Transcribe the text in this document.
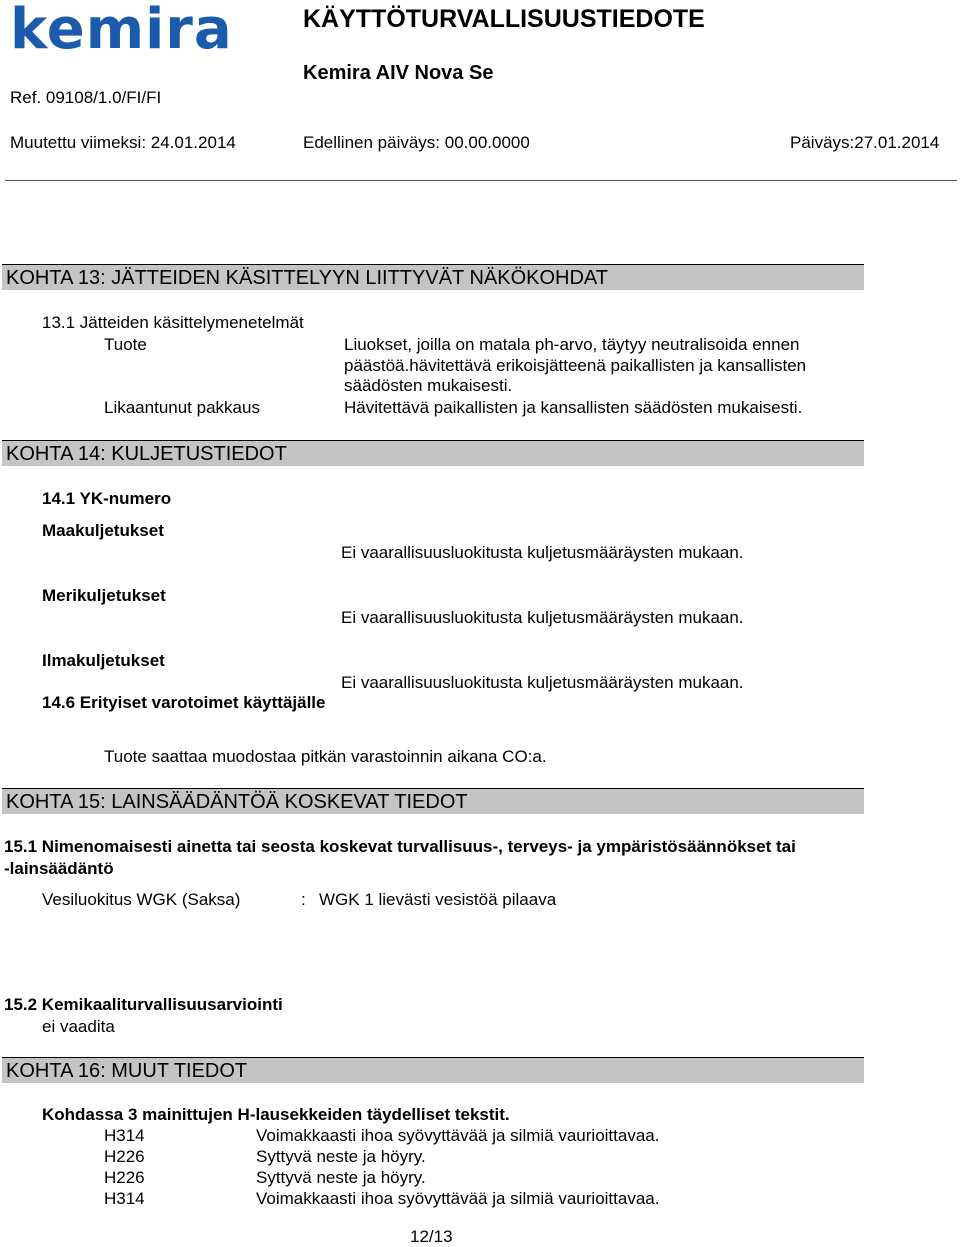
kemira	KÄYTTÖTURVALLISUUSTIEDOTE
Kemira AIV Nova Se
Ref. 09108/1.0/FI/FI
Muutettu viimeksi: 24.01.2014	Edellinen päiväys: 00.00.0000	Päiväys:27.01.2014
KOHTA 13: JÄTTEIDEN KÄSITTELYYN LIITTYVÄT NÄKÖKOHDAT
13.1 Jätteiden käsittelymenetelmät
Tuote	Liuokset, joilla on matala ph-arvo, täytyy neutralisoida ennen
päästöä.hävitettävä erikoisjätteenä paikallisten ja kansallisten
säädösten mukaisesti.
Likaantunut pakkaus	Hävitettävä paikallisten ja kansallisten säädösten mukaisesti.
KOHTA 14: KULJETUSTIEDOT
14.1 YK-numero
Maakuljetukset
Ei vaarallisuusluokitusta kuljetusmääräysten mukaan.
Merikuljetukset
Ei vaarallisuusluokitusta kuljetusmääräysten mukaan.
Ilmakuljetukset
Ei vaarallisuusluokitusta kuljetusmääräysten mukaan.
14.6 Erityiset varotoimet käyttäjälle
Tuote saattaa muodostaa pitkän varastoinnin aikana CO:a.
KOHTA 15: LAINSÄÄDÄNTÖÄ KOSKEVAT TIEDOT
15.1 Nimenomaisesti ainetta tai seosta koskevat turvallisuus-, terveys- ja ympäristösäännökset tai
-lainsäädäntö
Vesiluokitus WGK (Saksa)	: WGK 1 lievästi vesistöä pilaava
15.2 Kemikaaliturvallisuusarviointi
ei vaadita
KOHTA 16: MUUT TIEDOT
Kohdassa 3 mainittujen H-lausekkeiden täydelliset tekstit.
H314	Voimakkaasti ihoa syövyttävää ja silmiä vaurioittavaa.
H226	Syttyvä neste ja höyry.
H226	Syttyvä neste ja höyry.
H314	Voimakkaasti ihoa syövyttävää ja silmiä vaurioittavaa.
12/13
